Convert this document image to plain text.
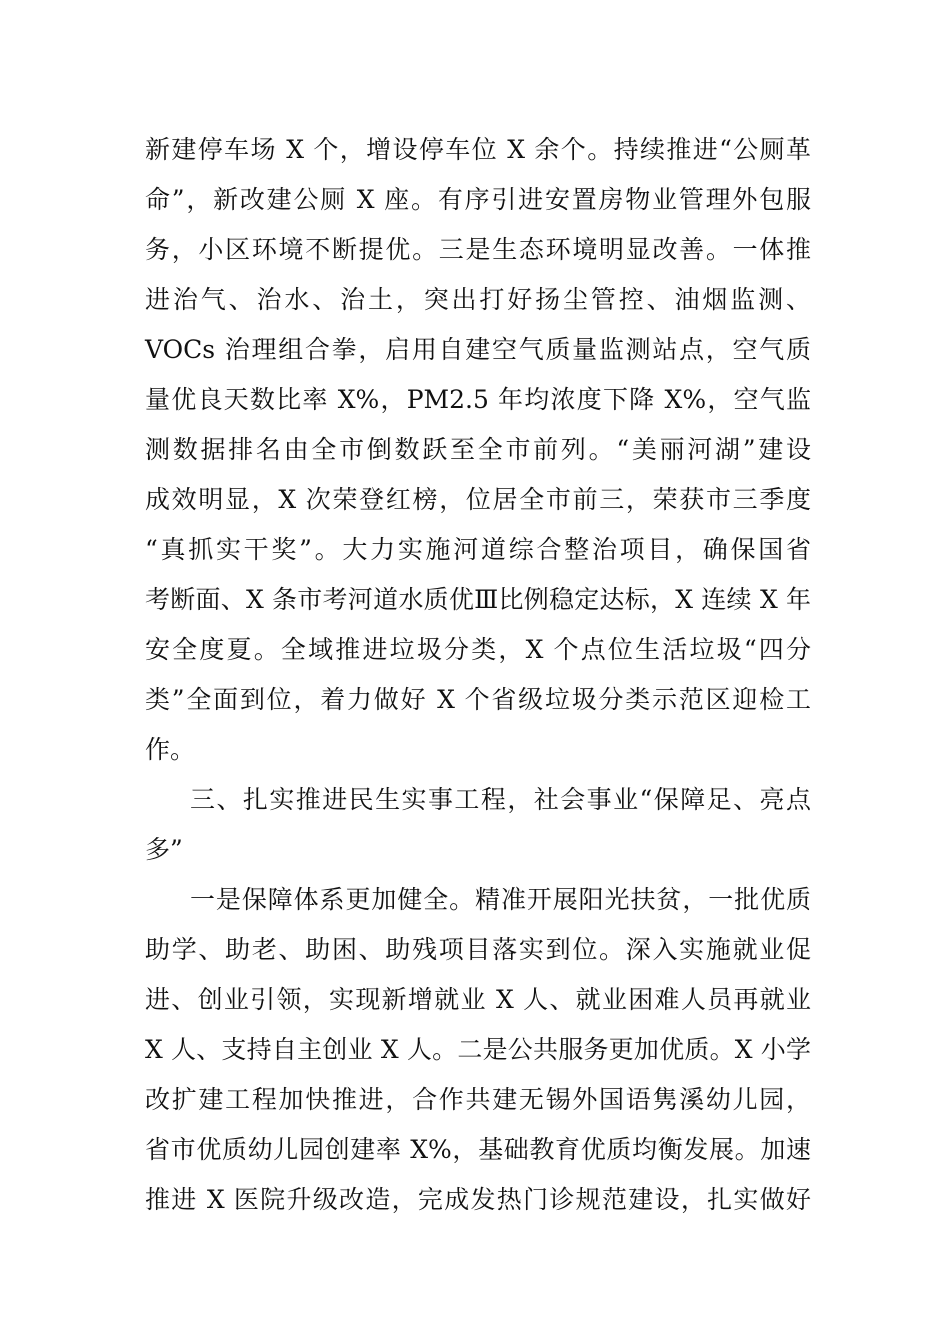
新建停车场 X 个，增设停车位 X 余个。持续推进“公厕革
命”，新改建公厕 X 座。有序引进安置房物业管理外包服
务，小区环境不断提优。三是生态环境明显改善。一体推
进治气、治水、治土，突出打好扬尘管控、油烟监测、
VOCs 治理组合拳，启用自建空气质量监测站点，空气质
量优良天数比率 X%，PM2.5 年均浓度下降 X%，空气监
测数据排名由全市倒数跃至全市前列。“美丽河湖”建设
成效明显，X 次荣登红榜，位居全市前三，荣获市三季度
“真抓实干奖”。大力实施河道综合整治项目，确保国省
考断面、X 条市考河道水质优Ⅲ比例稳定达标，X 连续 X 年
安全度夏。全域推进垃圾分类，X 个点位生活垃圾“四分
类”全面到位，着力做好 X 个省级垃圾分类示范区迎检工
作。
三、扎实推进民生实事工程，社会事业“保障足、亮点
多”
一是保障体系更加健全。精准开展阳光扶贫，一批优质
助学、助老、助困、助残项目落实到位。深入实施就业促
进、创业引领，实现新增就业 X 人、就业困难人员再就业
X 人、支持自主创业 X 人。二是公共服务更加优质。X 小学
改扩建工程加快推进，合作共建无锡外国语隽溪幼儿园，
省市优质幼儿园创建率 X%，基础教育优质均衡发展。加速
推进 X 医院升级改造，完成发热门诊规范建设，扎实做好
